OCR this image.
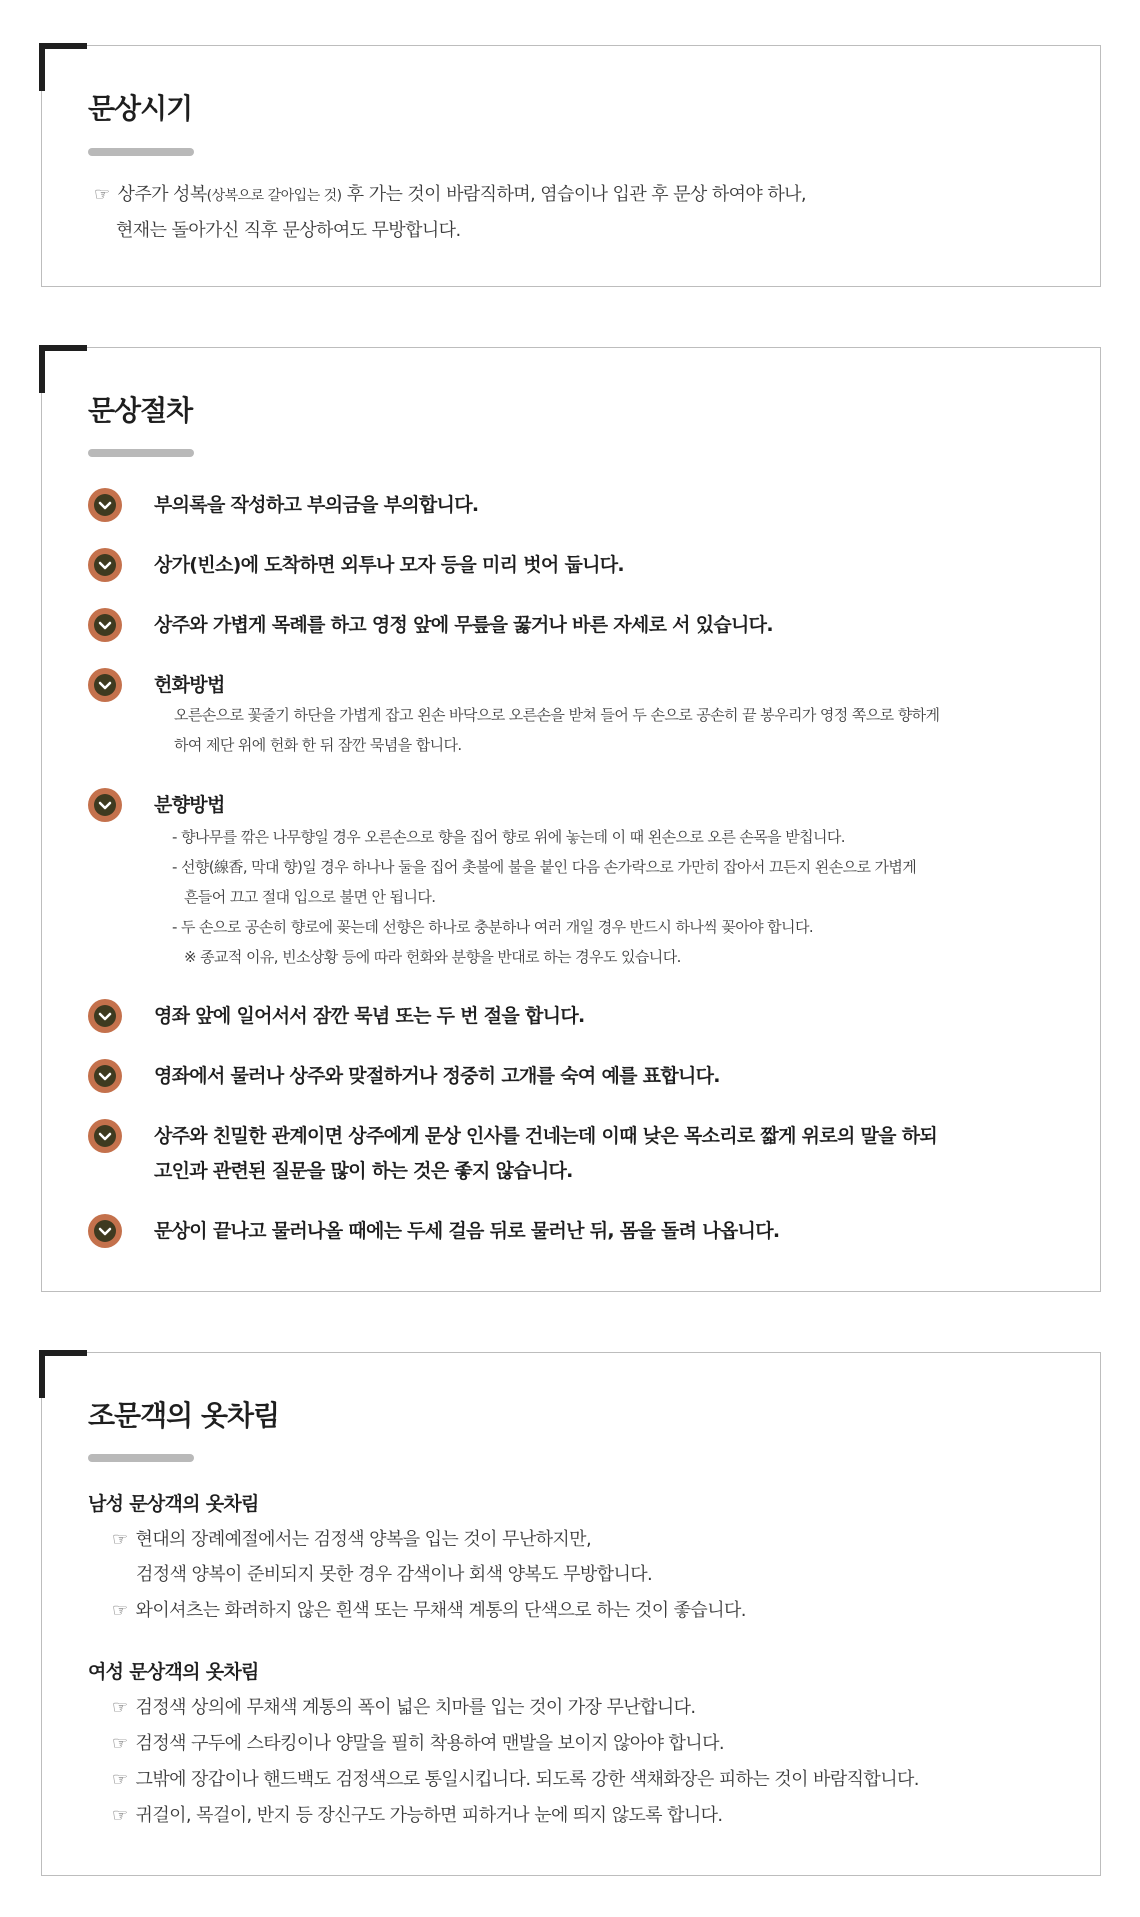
문상시기
☞ 상주가 성복(상복으로 갈아입는 것) 후 가는 것이 바람직하며, 염습이나 입관 후 문상 하여야 하나,
현재는 돌아가신 직후 문상하여도 무방합니다.
문상절차
부의록을 작성하고 부의금을 부의합니다.
상가(빈소)에 도착하면 외투나 모자 등을 미리 벗어 둡니다.
상주와 가볍게 목례를 하고 영정 앞에 무릎을 꿇거나 바른 자세로 서 있습니다.
헌화방법
오른손으로 꽃줄기 하단을 가볍게 잡고 왼손 바닥으로 오른손을 받쳐 들어 두 손으로 공손히 끝 봉우리가 영정 쪽으로 향하게
하여 제단 위에 헌화 한 뒤 잠깐 묵념을 합니다.
분향방법
- 향나무를 깎은 나무향일 경우 오른손으로 향을 집어 향로 위에 놓는데 이 때 왼손으로 오른 손목을 받칩니다.
- 선향(線香, 막대 향)일 경우 하나나 둘을 집어 촛불에 불을 붙인 다음 손가락으로 가만히 잡아서 끄든지 왼손으로 가볍게
흔들어 끄고 절대 입으로 불면 안 됩니다.
- 두 손으로 공손히 향로에 꽂는데 선향은 하나로 충분하나 여러 개일 경우 반드시 하나씩 꽂아야 합니다.
※ 종교적 이유, 빈소상황 등에 따라 헌화와 분향을 반대로 하는 경우도 있습니다.
영좌 앞에 일어서서 잠깐 묵념 또는 두 번 절을 합니다.
영좌에서 물러나 상주와 맞절하거나 정중히 고개를 숙여 예를 표합니다.
상주와 친밀한 관계이면 상주에게 문상 인사를 건네는데 이때 낮은 목소리로 짧게 위로의 말을 하되
고인과 관련된 질문을 많이 하는 것은 좋지 않습니다.
문상이 끝나고 물러나올 때에는 두세 걸음 뒤로 물러난 뒤, 몸을 돌려 나옵니다.
조문객의 옷차림
남성 문상객의 옷차림
☞ 현대의 장례예절에서는 검정색 양복을 입는 것이 무난하지만,
검정색 양복이 준비되지 못한 경우 감색이나 회색 양복도 무방합니다.
☞ 와이셔츠는 화려하지 않은 흰색 또는 무채색 계통의 단색으로 하는 것이 좋습니다.
여성 문상객의 옷차림
☞ 검정색 상의에 무채색 계통의 폭이 넓은 치마를 입는 것이 가장 무난합니다.
☞ 검정색 구두에 스타킹이나 양말을 필히 착용하여 맨발을 보이지 않아야 합니다.
☞ 그밖에 장갑이나 핸드백도 검정색으로 통일시킵니다. 되도록 강한 색채화장은 피하는 것이 바람직합니다.
☞ 귀걸이, 목걸이, 반지 등 장신구도 가능하면 피하거나 눈에 띄지 않도록 합니다.
